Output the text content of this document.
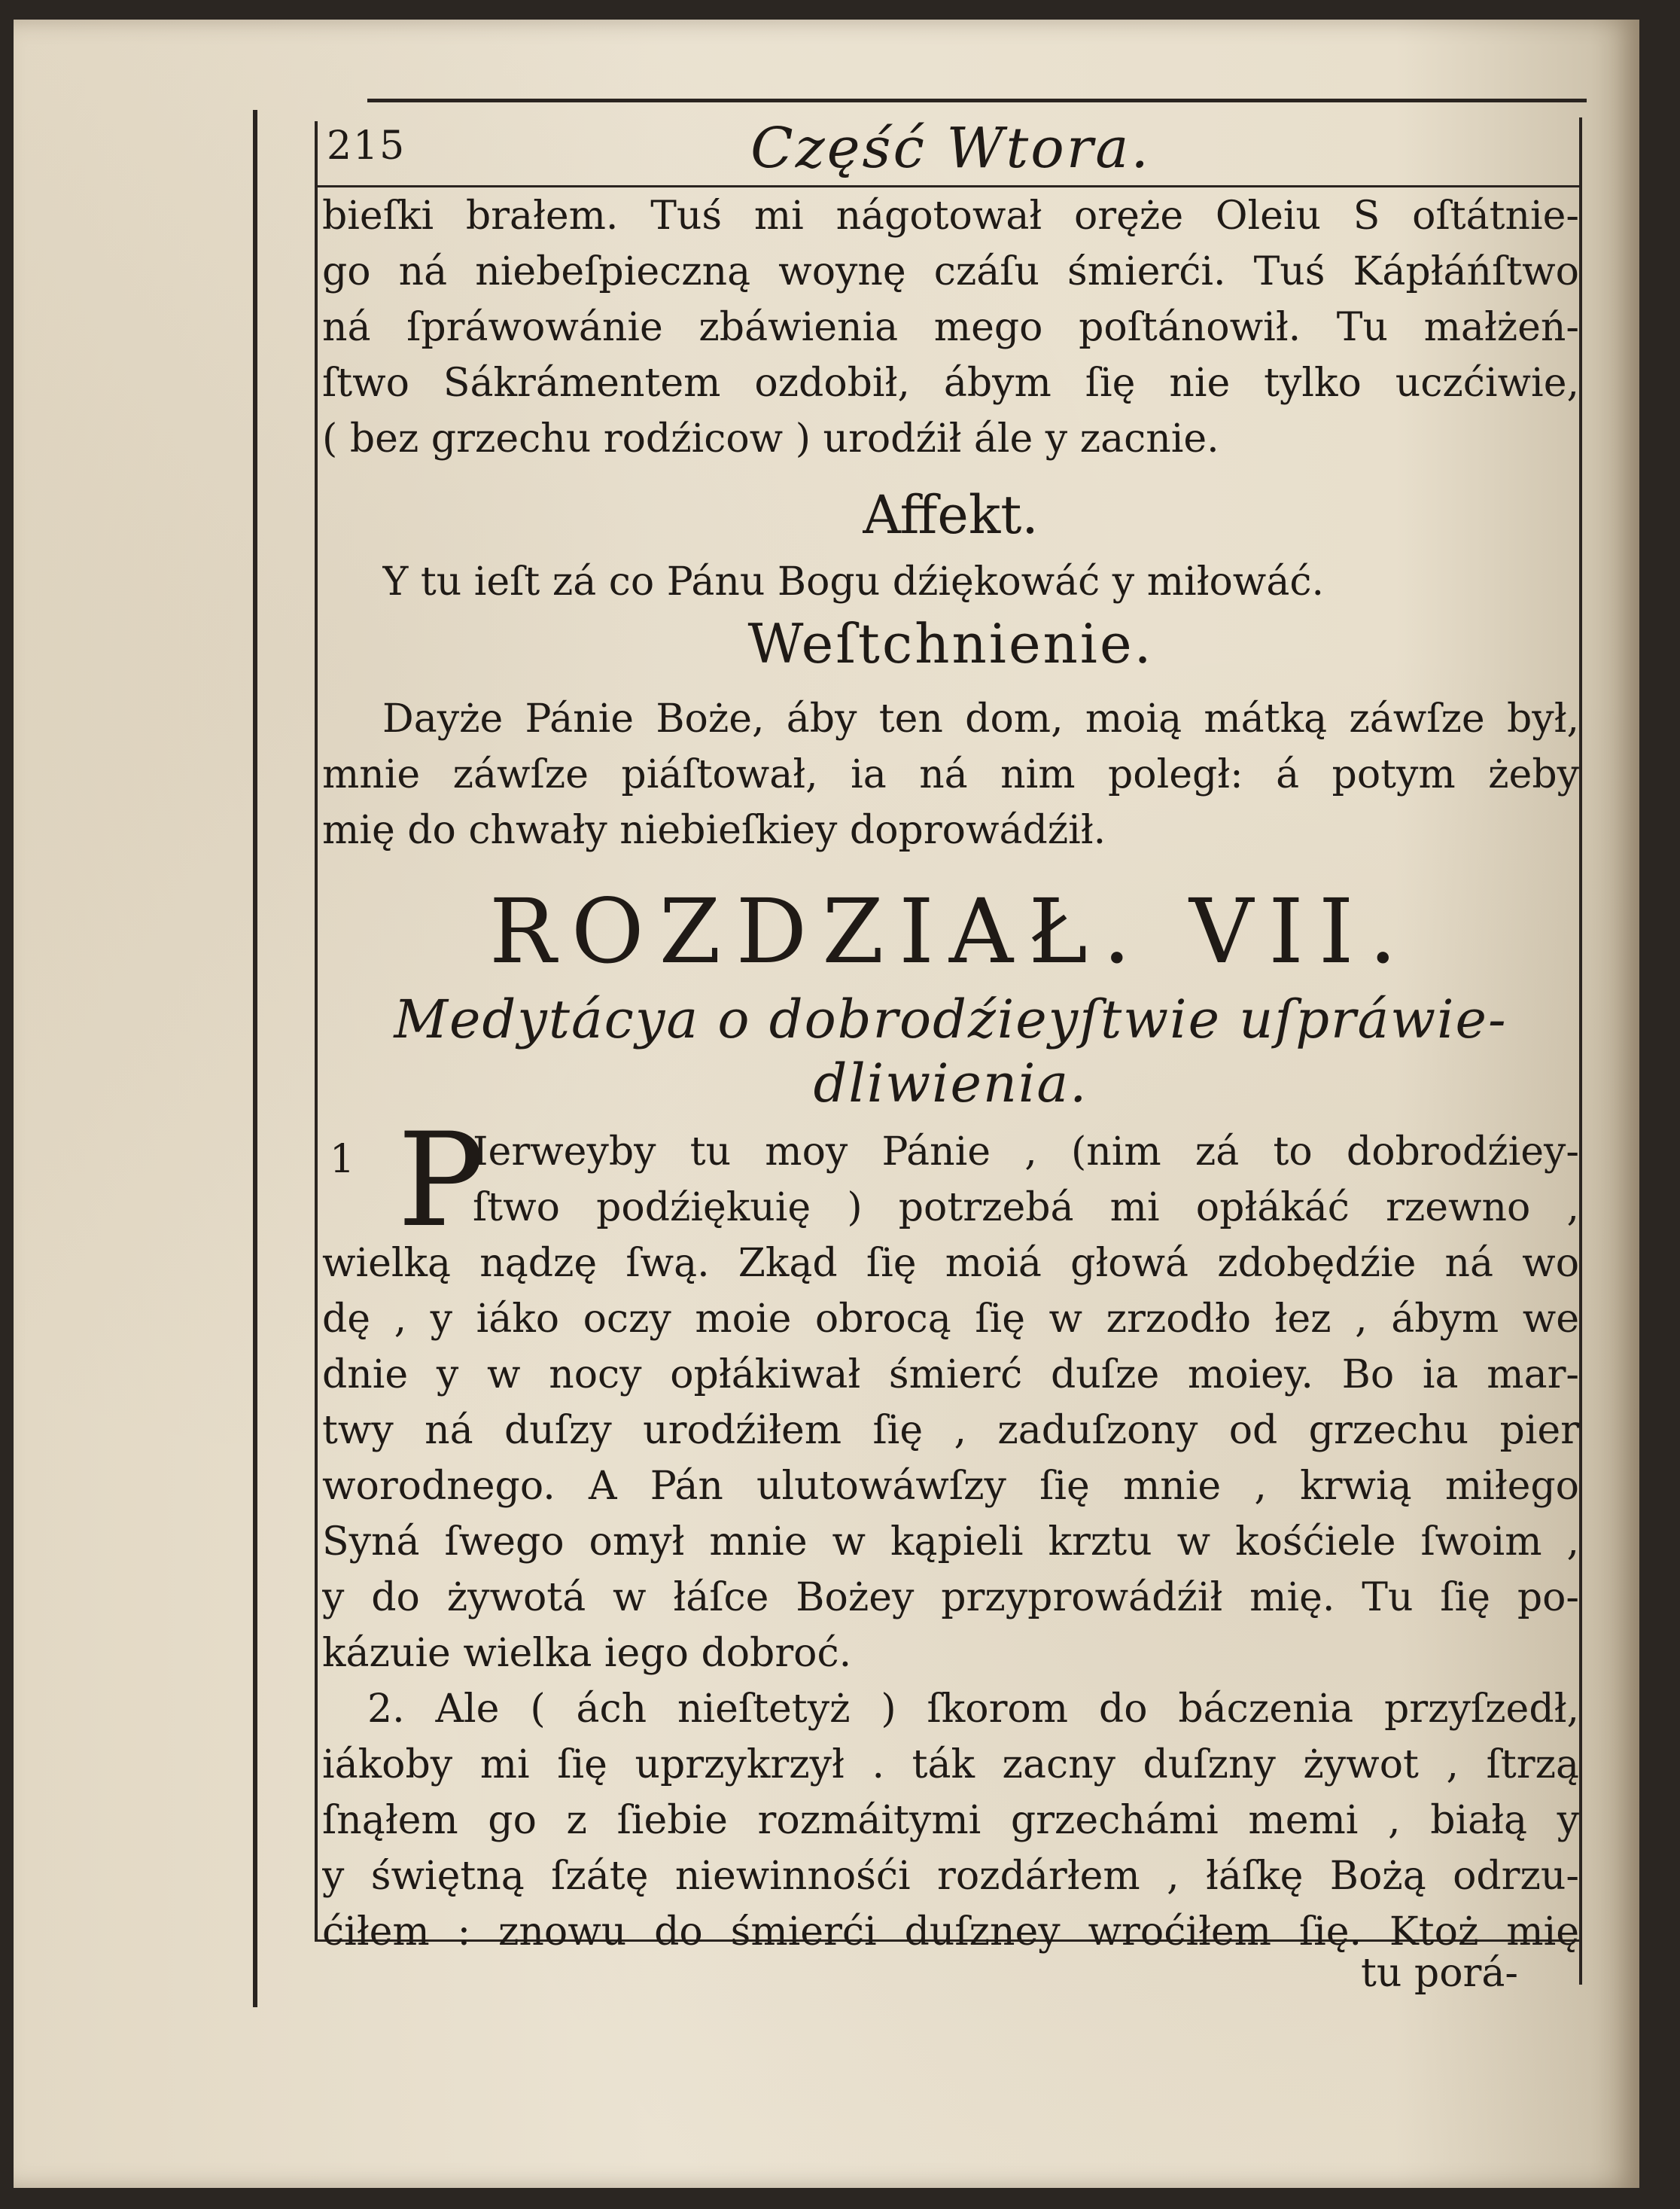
215	Część Wtora.
bieſki brałem. Tuś mi nágotował oręże Oleiu S oſtátnie-
go ná niebeſpieczną woynę czáſu śmierći. Tuś Kápłáńſtwo
ná ſpráwowánie zbáwienia mego poſtánowił. Tu małżeń-
ſtwo Sákrámentem ozdobił, ábym ſię nie tylko uczćiwie,
( bez grzechu rodźicow ) urodźił ále y zacnie.
Affekt.
Y tu ieſt zá co Pánu Bogu dźiękowáć y miłowáć.
Weſtchnienie.
Dayże Pánie Boże, áby ten dom, moią mátką záwſze był,
mnie záwſze piáſtował, ia ná nim poległ: á potym żeby
mię do chwały niebieſkiey doprowádźił.
ROZDZIAŁ. VII.
Medytácya o dobrodźieyſtwie uſpráwie-
dliwienia.
1 P
Ierweyby tu moy Pánie , (nim zá to dobrodźiey-
ſtwo podźiękuię ) potrzebá mi opłákáć rzewno ,
wielką nądzę ſwą. Zkąd ſię moiá głowá zdobędźie ná wo
dę , y iáko oczy moie obrocą ſię w zrzodło łez , ábym we
dnie y w nocy opłákiwał śmierć duſze moiey. Bo ia mar-
twy ná duſzy urodźiłem ſię , zaduſzony od grzechu pier
worodnego. A Pán ulutowáwſzy ſię mnie , krwią miłego
Syná ſwego omył mnie w kąpieli krztu w kośćiele ſwoim ,
y do żywotá w łáſce Bożey przyprowádźił mię. Tu ſię po-
kázuie wielka iego dobroć.
2. Ale ( ách nieſtetyż ) ſkorom do báczenia przyſzedł,
iákoby mi ſię uprzykrzył . ták zacny duſzny żywot , ſtrzą
ſnąłem go z ſiebie rozmáitymi grzechámi memi , białą y
y świętną ſzátę niewinnośći rozdárłem , łáſkę Bożą odrzu-
ćiłem : znowu do śmierći duſzney wroćiłem ſię. Ktoż mię
tu porá-
